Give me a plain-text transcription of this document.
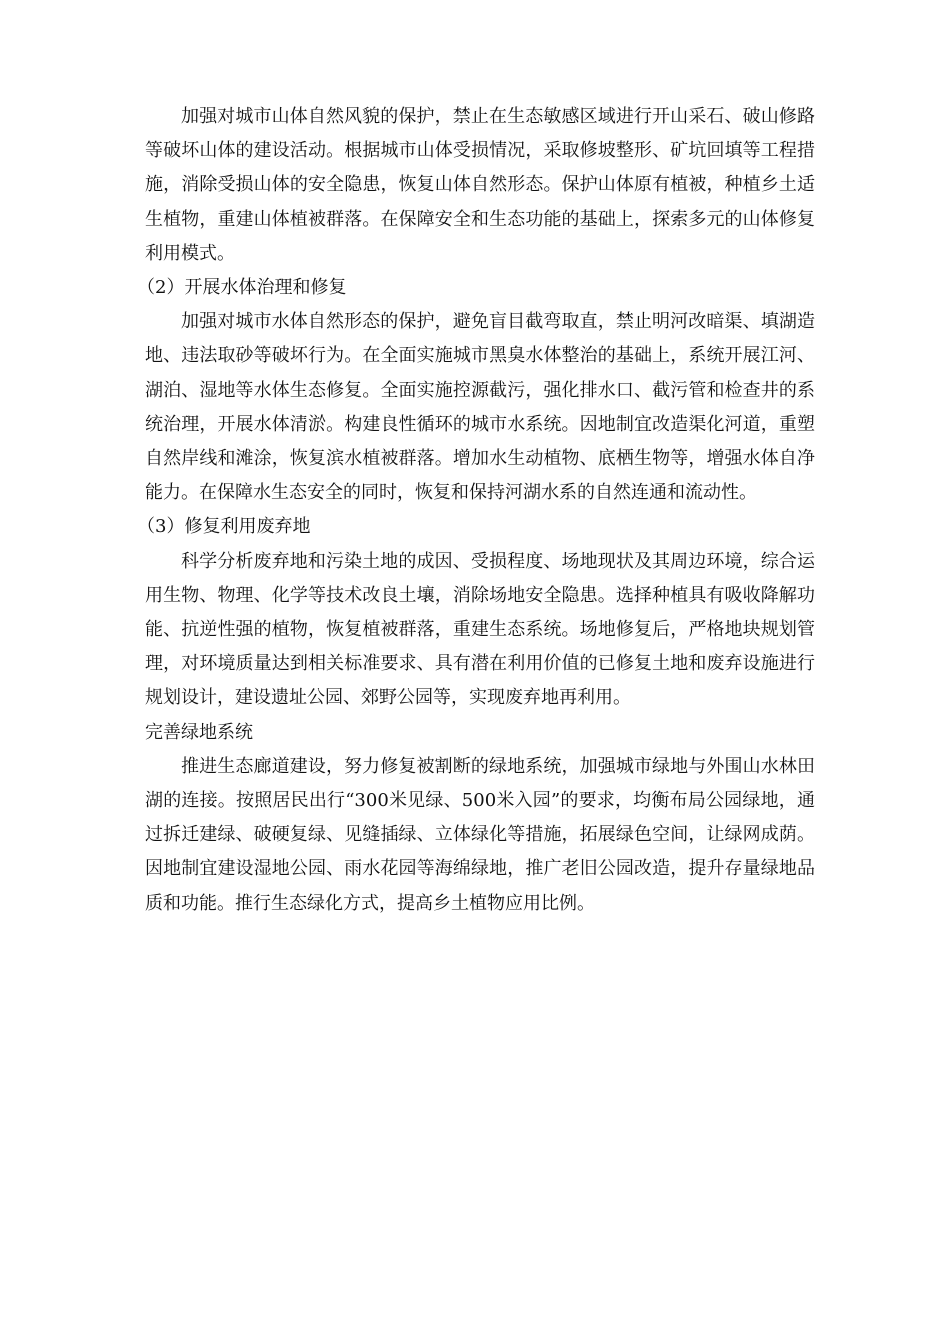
加强对城市山体自然风貌的保护，禁止在生态敏感区域进行开山采石、破山修路等破坏山体的建设活动。根据城市山体受损情况，采取修坡整形、矿坑回填等工程措施，消除受损山体的安全隐患，恢复山体自然形态。保护山体原有植被，种植乡土适生植物，重建山体植被群落。在保障安全和生态功能的基础上，探索多元的山体修复利用模式。

（2）开展水体治理和修复

加强对城市水体自然形态的保护，避免盲目截弯取直，禁止明河改暗渠、填湖造地、违法取砂等破坏行为。在全面实施城市黑臭水体整治的基础上，系统开展江河、湖泊、湿地等水体生态修复。全面实施控源截污，强化排水口、截污管和检查井的系统治理，开展水体清淤。构建良性循环的城市水系统。因地制宜改造渠化河道，重塑自然岸线和滩涂，恢复滨水植被群落。增加水生动植物、底栖生物等，增强水体自净能力。在保障水生态安全的同时，恢复和保持河湖水系的自然连通和流动性。

（3）修复利用废弃地

科学分析废弃地和污染土地的成因、受损程度、场地现状及其周边环境，综合运用生物、物理、化学等技术改良土壤，消除场地安全隐患。选择种植具有吸收降解功能、抗逆性强的植物，恢复植被群落，重建生态系统。场地修复后，严格地块规划管理，对环境质量达到相关标准要求、具有潜在利用价值的已修复土地和废弃设施进行规划设计，建设遗址公园、郊野公园等，实现废弃地再利用。

完善绿地系统

推进生态廊道建设，努力修复被割断的绿地系统，加强城市绿地与外围山水林田湖的连接。按照居民出行“300米见绿、500米入园”的要求，均衡布局公园绿地，通过拆迁建绿、破硬复绿、见缝插绿、立体绿化等措施，拓展绿色空间，让绿网成荫。因地制宜建设湿地公园、雨水花园等海绵绿地，推广老旧公园改造，提升存量绿地品质和功能。推行生态绿化方式，提高乡土植物应用比例。
